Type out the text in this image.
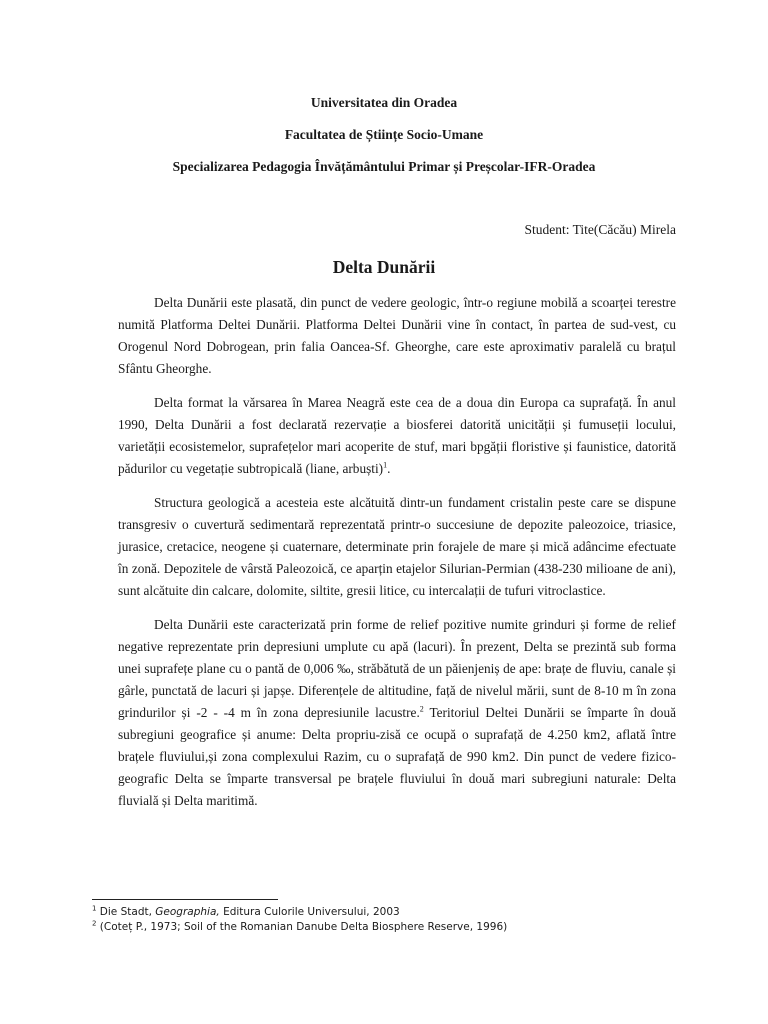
Universitatea din Oradea
Facultatea de Științe Socio-Umane
Specializarea Pedagogia Învățământului Primar și Preșcolar-IFR-Oradea
Student: Tite(Căcău) Mirela
Delta Dunării

Delta Dunării este plasată, din punct de vedere geologic, într-o regiune mobilă a scoarței terestre numită Platforma Deltei Dunării. Platforma Deltei Dunării vine în contact, în partea de sud-vest, cu Orogenul Nord Dobrogean, prin falia Oancea-Sf. Gheorghe, care este aproximativ paralelă cu brațul Sfântu Gheorghe.

Delta format la vărsarea în Marea Neagră este cea de a doua din Europa ca suprafață. În anul 1990, Delta Dunării a fost declarată rezervație a biosferei datorită unicității și fumuseții locului, varietății ecosistemelor, suprafețelor mari acoperite de stuf, mari bpgății floristive și faunistice, datorită pădurilor cu vegetație subtropicală (liane, arbuști)$^1$.

Structura geologică a acesteia este alcătuită dintr-un fundament cristalin peste care se dispune transgresiv o cuvertură sedimentară reprezentată printr-o succesiune de depozite paleozoice, triasice, jurasice, cretacice, neogene și cuaternare, determinate prin forajele de mare și mică adâncime efectuate în zonă. Depozitele de vârstă Paleozoică, ce aparțin etajelor Silurian-Permian (438-230 milioane de ani), sunt alcătuite din calcare, dolomite, siltite, gresii litice, cu intercalații de tufuri vitroclastice.

Delta Dunării este caracterizată prin forme de relief pozitive numite grinduri și forme de relief negative reprezentate prin depresiuni umplute cu apă (lacuri). În prezent, Delta se prezintă sub forma unei suprafețe plane cu o pantă de 0,006 ‰, străbătută de un păienjeniș de ape: brațe de fluviu, canale și gârle, punctată de lacuri și japșe. Diferențele de altitudine, față de nivelul mării, sunt de 8-10 m în zona grindurilor și -2 - -4 m în zona depresiunile lacustre.$^2$ Teritoriul Deltei Dunării se împarte în două subregiuni geografice și anume: Delta propriu-zisă ce ocupă o suprafață de 4.250 km2, aflată între brațele fluviului,și zona complexului Razim, cu o suprafață de 990 km2. Din punct de vedere fizico-geografic Delta se împarte transversal pe brațele fluviului în două mari subregiuni naturale: Delta fluvială și Delta maritimă.

$^1$ Die Stadt, Geographia, Editura Culorile Universului, 2003

$^2$ (Coteț P., 1973; Soil of the Romanian Danube Delta Biosphere Reserve, 1996)
